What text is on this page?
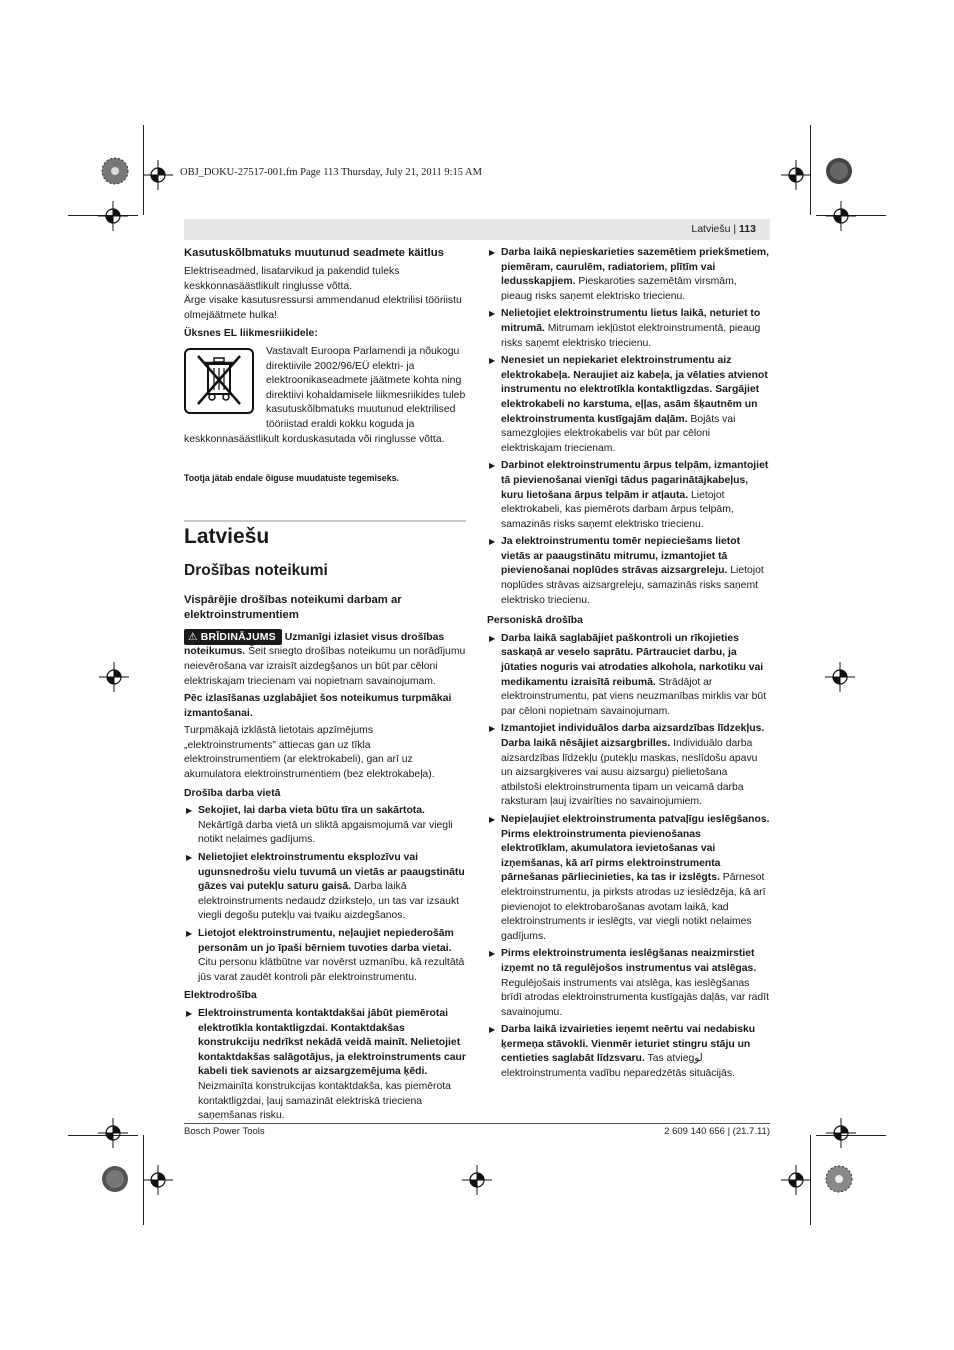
OBJ_DOKU-27517-001.fm Page 113 Thursday, July 21, 2011 9:15 AM
Latviešu | 113

Kasutuskõlbmatuks muutunud seadmete käitlus

Elektriseadmed, lisatarvikud ja pakendid tuleks keskkonnasäästlikult ringlusse võtta.

Ärge visake kasutusressursi ammendanud elektrilisi tööriistu olmejäätmete hulka!

Üksnes EL liikmesriikidele:

Vastavalt Euroopa Parlamendi ja nõukogu direktiivile 2002/96/EÜ elektri- ja elektroonikaseadmete jäätmete kohta ning direktiivi kohaldamisele liikmesriikides tuleb kasutuskõlbmatuks muutunud elektrilised tööriistad eraldi kokku koguda ja keskkonnasäästlikult korduskasutada või ringlusse võtta.

Tootja jätab endale õiguse muudatuste tegemiseks.

Latviešu

Drošības noteikumi

Vispārējie drošības noteikumi darbam ar elektroinstrumentiem

⚠ BRĪDINĀJUMS Uzmanīgi izlasiet visus drošības noteikumus. Šeit sniegto drošības noteikumu un norādījumu neievērošana var izraisīt aizdegšanos un būt par cēloni elektriskajam triecienam vai nopietnam savainojumam.

Pēc izlasīšanas uzglabājiet šos noteikumus turpmākai izmantošanai.

Turpmākajā izklāstā lietotais apzīmējums „elektroinstruments” attiecas gan uz tīkla elektroinstrumentiem (ar elektrokabeli), gan arī uz akumulatora elektroinstrumentiem (bez elektrokabeļa).

Drošība darba vietā

▶ Sekojiet, lai darba vieta būtu tīra un sakārtota. Nekārtīgā darba vietā un sliktā apgaismojumā var viegli notikt nelaimes gadījums.

▶ Nelietojiet elektroinstrumentu eksplozīvu vai ugunsnedrošu vielu tuvumā un vietās ar paaugstinātu gāzes vai putekļu saturu gaisā. Darba laikā elektroinstruments nedaudz dzirksteļo, un tas var izsaukt viegli degošu putekļu vai tvaiku aizdegšanos.

▶ Lietojot elektroinstrumentu, neļaujiet nepiederošām personām un jo īpaši bērniem tuvoties darba vietai. Citu personu klātbūtne var novērst uzmanību, kā rezultātā jūs varat zaudēt kontroli pār elektroinstrumentu.

Elektrodrošība

▶ Elektroinstrumenta kontaktdakšai jābūt piemērotai elektrotīkla kontaktligzdai. Kontaktdakšas konstrukciju nedrīkst nekādā veidā mainīt. Nelietojiet kontaktdakšas salāgotājus, ja elektroinstruments caur kabeli tiek savienots ar aizsargzemējuma ķēdi. Neizmainīta konstrukcijas kontaktdakša, kas piemērota kontaktligzdai, ļauj samazināt elektriskā trieciena saņemšanas risku.

▶ Darba laikā nepieskarieties sazemētiem priekšmetiem, piemēram, caurulēm, radiatoriem, plītīm vai ledusskapjiem. Pieskaroties sazemētām virsmām, pieaug risks saņemt elektrisko triecienu.

▶ Nelietojiet elektroinstrumentu lietus laikā, neturiet to mitrumā. Mitrumam iekļūstot elektroinstrumentā, pieaug risks saņemt elektrisko triecienu.

▶ Nenesiet un nepiekariet elektroinstrumentu aiz elektrokabeļa. Neraujiet aiz kabeļa, ja vēlaties atvienot instrumentu no elektrotīkla kontaktligzdas. Sargājiet elektrokabeli no karstuma, eļļas, asām šķautnēm un elektroinstrumenta kustīgajām daļām. Bojāts vai samezglojies elektrokabelis var būt par cēloni elektriskajam triecienam.

▶ Darbinot elektroinstrumentu ārpus telpām, izmantojiet tā pievienošanai vienīgi tādus pagarinātājkabeļus, kuru lietošana ārpus telpām ir atļauta. Lietojot elektrokabeli, kas piemērots darbam ārpus telpām, samazinās risks saņemt elektrisko triecienu.

▶ Ja elektroinstrumentu tomēr nepieciešams lietot vietās ar paaugstinātu mitrumu, izmantojiet tā pievienošanai noplūdes strāvas aizsargreleju. Lietojot noplūdes strāvas aizsargreleju, samazinās risks saņemt elektrisko triecienu.

Personiskā drošība

▶ Darba laikā saglabājiet paškontroli un rīkojieties saskaņā ar veselo saprātu. Pārtrauciet darbu, ja jūtaties noguris vai atrodaties alkohola, narkotiku vai medikamentu izraisītā reibumā. Strādājot ar elektroinstrumentu, pat viens neuzmanības mirklis var būt par cēloni nopietnam savainojumam.

▶ Izmantojiet individuālos darba aizsardzības līdzekļus. Darba laikā nēsājiet aizsargbrilles. Individuālo darba aizsardzības līdzekļu (putekļu maskas, neslīdošu apavu un aizsargķiveres vai ausu aizsargu) pielietošana atbilstoši elektroinstrumenta tipam un veicamā darba raksturam ļauj izvairīties no savainojumiem.

▶ Nepieļaujiet elektroinstrumenta patvaļīgu ieslēgšanos. Pirms elektroinstrumenta pievienošanas elektrotīklam, akumulatora ievietošanas vai izņemšanas, kā arī pirms elektroinstrumenta pārnešanas pārliecinieties, ka tas ir izslēgts. Pārnesot elektroinstrumentu, ja pirksts atrodas uz ieslēdzēja, kā arī pievienojot to elektrobarošanas avotam laikā, kad elektroinstruments ir ieslēgts, var viegli notikt nelaimes gadījums.

▶ Pirms elektroinstrumenta ieslēgšanas neaizmirstiet izņemt no tā regulējošos instrumentus vai atslēgas. Regulējošais instruments vai atslēga, kas ieslēgšanas brīdī atrodas elektroinstrumenta kustīgajās daļās, var radīt savainojumu.

▶ Darba laikā izvairieties ieņemt neērtu vai nedabisku ķermeņa stāvokli. Vienmēr ieturiet stingru stāju un centieties saglabāt līdzsvaru. Tas atviegلو elektroinstrumenta vadību neparedzētās situācijās.

Bosch Power Tools	2 609 140 656 | (21.7.11)
